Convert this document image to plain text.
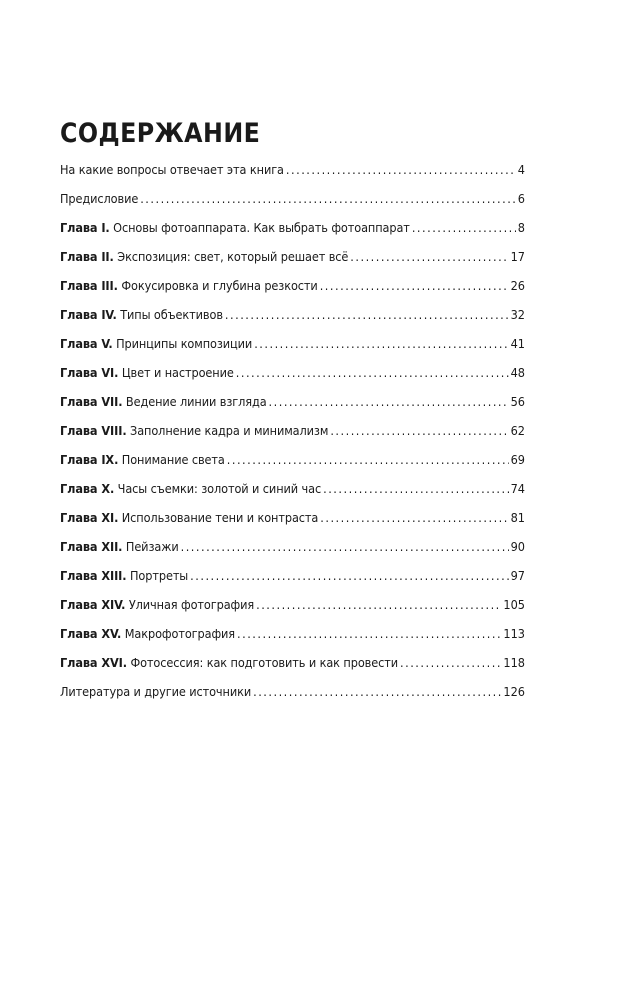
СОДЕРЖАНИЕ
На какие вопросы отвечает эта книга .....	4
Предисловие .....	6
Глава I. Основы фотоаппарата. Как выбрать фотоаппарат .....	8
Глава II. Экспозиция: свет, который решает всё .....	17
Глава III. Фокусировка и глубина резкости .....	26
Глава IV. Типы объективов .....	32
Глава V. Принципы композиции .....	41
Глава VI. Цвет и настроение .....	48
Глава VII. Ведение линии взгляда .....	56
Глава VIII. Заполнение кадра и минимализм .....	62
Глава IX. Понимание света .....	69
Глава X. Часы съемки: золотой и синий час .....	74
Глава XI. Использование тени и контраста .....	81
Глава XII. Пейзажи .....	90
Глава XIII. Портреты .....	97
Глава XIV. Уличная фотография .....	105
Глава XV. Макрофотография .....	113
Глава XVI. Фотосессия: как подготовить и как провести .....	118
Литература и другие источники .....	126
